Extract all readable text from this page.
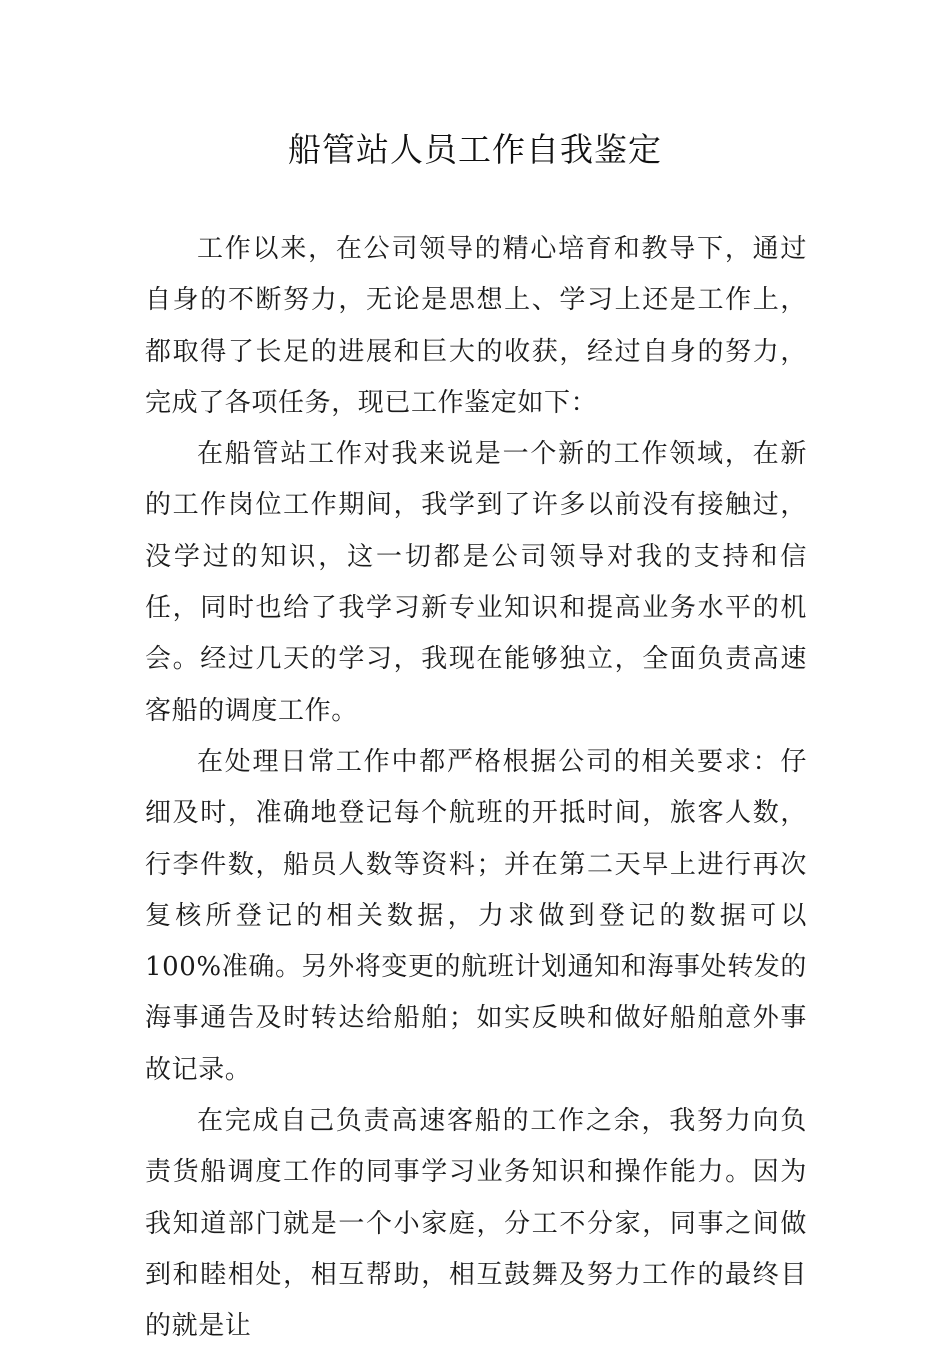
船管站人员工作自我鉴定

工作以来，在公司领导的精心培育和教导下，通过自身的不断努力，无论是思想上、学习上还是工作上，都取得了长足的进展和巨大的收获，经过自身的努力，完成了各项任务，现已工作鉴定如下：

在船管站工作对我来说是一个新的工作领域，在新的工作岗位工作期间，我学到了许多以前没有接触过，没学过的知识，这一切都是公司领导对我的支持和信任，同时也给了我学习新专业知识和提高业务水平的机会。经过几天的学习，我现在能够独立，全面负责高速客船的调度工作。

在处理日常工作中都严格根据公司的相关要求：仔细及时，准确地登记每个航班的开抵时间，旅客人数，行李件数，船员人数等资料；并在第二天早上进行再次复核所登记的相关数据，力求做到登记的数据可以 100%准确。另外将变更的航班计划通知和海事处转发的海事通告及时转达给船舶；如实反映和做好船舶意外事故记录。

在完成自己负责高速客船的工作之余，我努力向负责货船调度工作的同事学习业务知识和操作能力。因为我知道部门就是一个小家庭，分工不分家，同事之间做到和睦相处，相互帮助，相互鼓舞及努力工作的最终目的就是让
